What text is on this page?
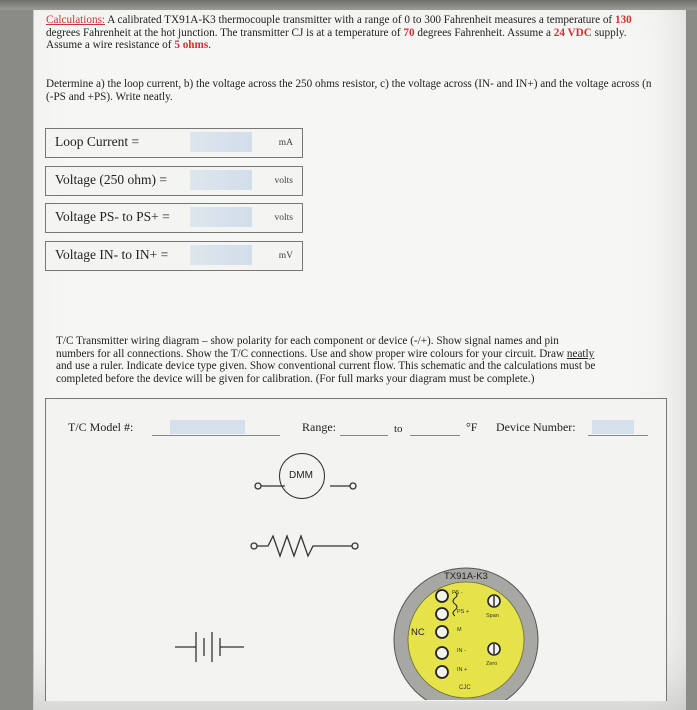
Calculations: A calibrated TX91A-K3 thermocouple transmitter with a range of 0 to 300 Fahrenheit measures a temperature of 130
degrees Fahrenheit at the hot junction. The transmitter CJ is at a temperature of 70 degrees Fahrenheit. Assume a 24 VDC supply.
Assume a wire resistance of 5 ohms.

Determine a) the loop current, b) the voltage across the 250 ohms resistor, c) the voltage across (IN- and IN+) and the voltage across (n
(-PS and +PS). Write neatly.

Loop Current =	mA
Voltage (250 ohm) =	volts
Voltage PS- to PS+ =	volts
Voltage IN- to IN+ =	mV

T/C Transmitter wiring diagram – show polarity for each component or device (-/+). Show signal names and pin
numbers for all connections. Show the T/C connections. Use and show proper wire colours for your circuit. Draw neatly
and use a ruler. Indicate device type given. Show conventional current flow. This schematic and the calculations must be
completed before the device will be given for calibration. (For full marks your diagram must be complete.)

T/C Model #:	Range:	to	°F Device Number:
DMM
TX91A-K3
NC
PS -
PS +
M
IN -
IN +
CJC
Span
Zero
